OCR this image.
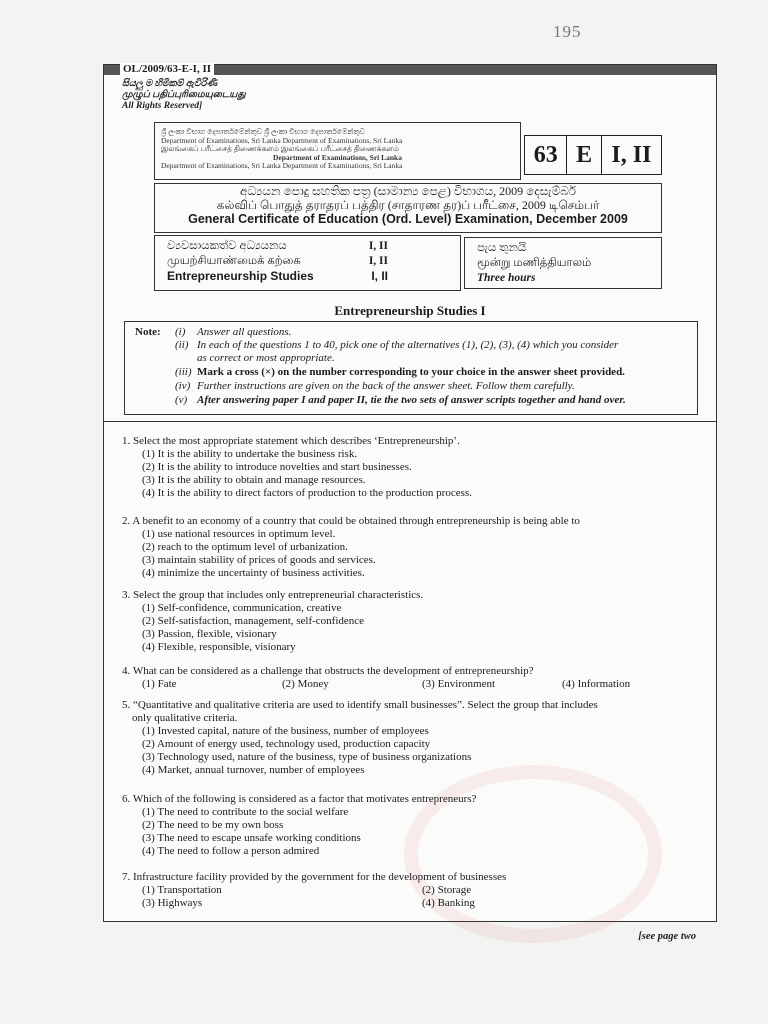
195
OL/2009/63-E-I, II
සියලු ම හිමිකම් ඇවිරිණි
முழுப் பதிப்புரிமையுடையது
All Rights Reserved]
ශ්‍රී ලංකා විභාග දෙපාර්තමේන්තුව ශ්‍රී ලංකා විභාග දෙපාර්තමේන්තුව
Department of Examinations, Sri Lanka Department of Examinations, Sri Lanka
இலங்கைப் பரீட்சைத் திணைக்களம் இலங்கைப் பரீட்சைத் திணைக்களம்
Department of Examinations, Sri Lanka
Department of Examinations, Sri Lanka Department of Examinations, Sri Lanka	63 E I, II
අධ්‍යයන පොදු සහතික පත්‍ර (සාමාන්‍ය පෙළ) විභාගය, 2009 දෙසැම්බර්
கல்விப் பொதுத் தராதரப் பத்திர (சாதாரண தர)ப் பரீட்சை, 2009 டிசெம்பர்
General Certificate of Education (Ord. Level) Examination, December 2009
ව්‍යවසායකත්ව අධ්‍යයනය	I, II
முயற்சியாண்மைக் கற்கை	I, II
Entrepreneurship Studies	I, II
පැය තුනයි
மூன்று மணித்தியாலம்
Three hours
Entrepreneurship Studies I
Note: (i) Answer all questions.
(ii) In each of the questions 1 to 40, pick one of the alternatives (1), (2), (3), (4) which you consider
as correct or most appropriate.
(iii) Mark a cross (×) on the number corresponding to your choice in the answer sheet provided.
(iv) Further instructions are given on the back of the answer sheet. Follow them carefully.
(v) After answering paper I and paper II, tie the two sets of answer scripts together and hand over.
1. Select the most appropriate statement which describes ‘Entrepreneurship’.
(1) It is the ability to undertake the business risk.
(2) It is the ability to introduce novelties and start businesses.
(3) It is the ability to obtain and manage resources.
(4) It is the ability to direct factors of production to the production process.
2. A benefit to an economy of a country that could be obtained through entrepreneurship is being able to
(1) use national resources in optimum level.
(2) reach to the optimum level of urbanization.
(3) maintain stability of prices of goods and services.
(4) minimize the uncertainty of business activities.
3. Select the group that includes only entrepreneurial characteristics.
(1) Self-confidence, communication, creative
(2) Self-satisfaction, management, self-confidence
(3) Passion, flexible, visionary
(4) Flexible, responsible, visionary
4. What can be considered as a challenge that obstructs the development of entrepreneurship?
(1) Fate	(2) Money	(3) Environment	(4) Information
5. “Quantitative and qualitative criteria are used to identify small businesses”. Select the group that includes
only qualitative criteria.
(1) Invested capital, nature of the business, number of employees
(2) Amount of energy used, technology used, production capacity
(3) Technology used, nature of the business, type of business organizations
(4) Market, annual turnover, number of employees
6. Which of the following is considered as a factor that motivates entrepreneurs?
(1) The need to contribute to the social welfare
(2) The need to be my own boss
(3) The need to escape unsafe working conditions
(4) The need to follow a person admired
7. Infrastructure facility provided by the government for the development of businesses
(1) Transportation	(2) Storage
(3) Highways	(4) Banking
[see page two
